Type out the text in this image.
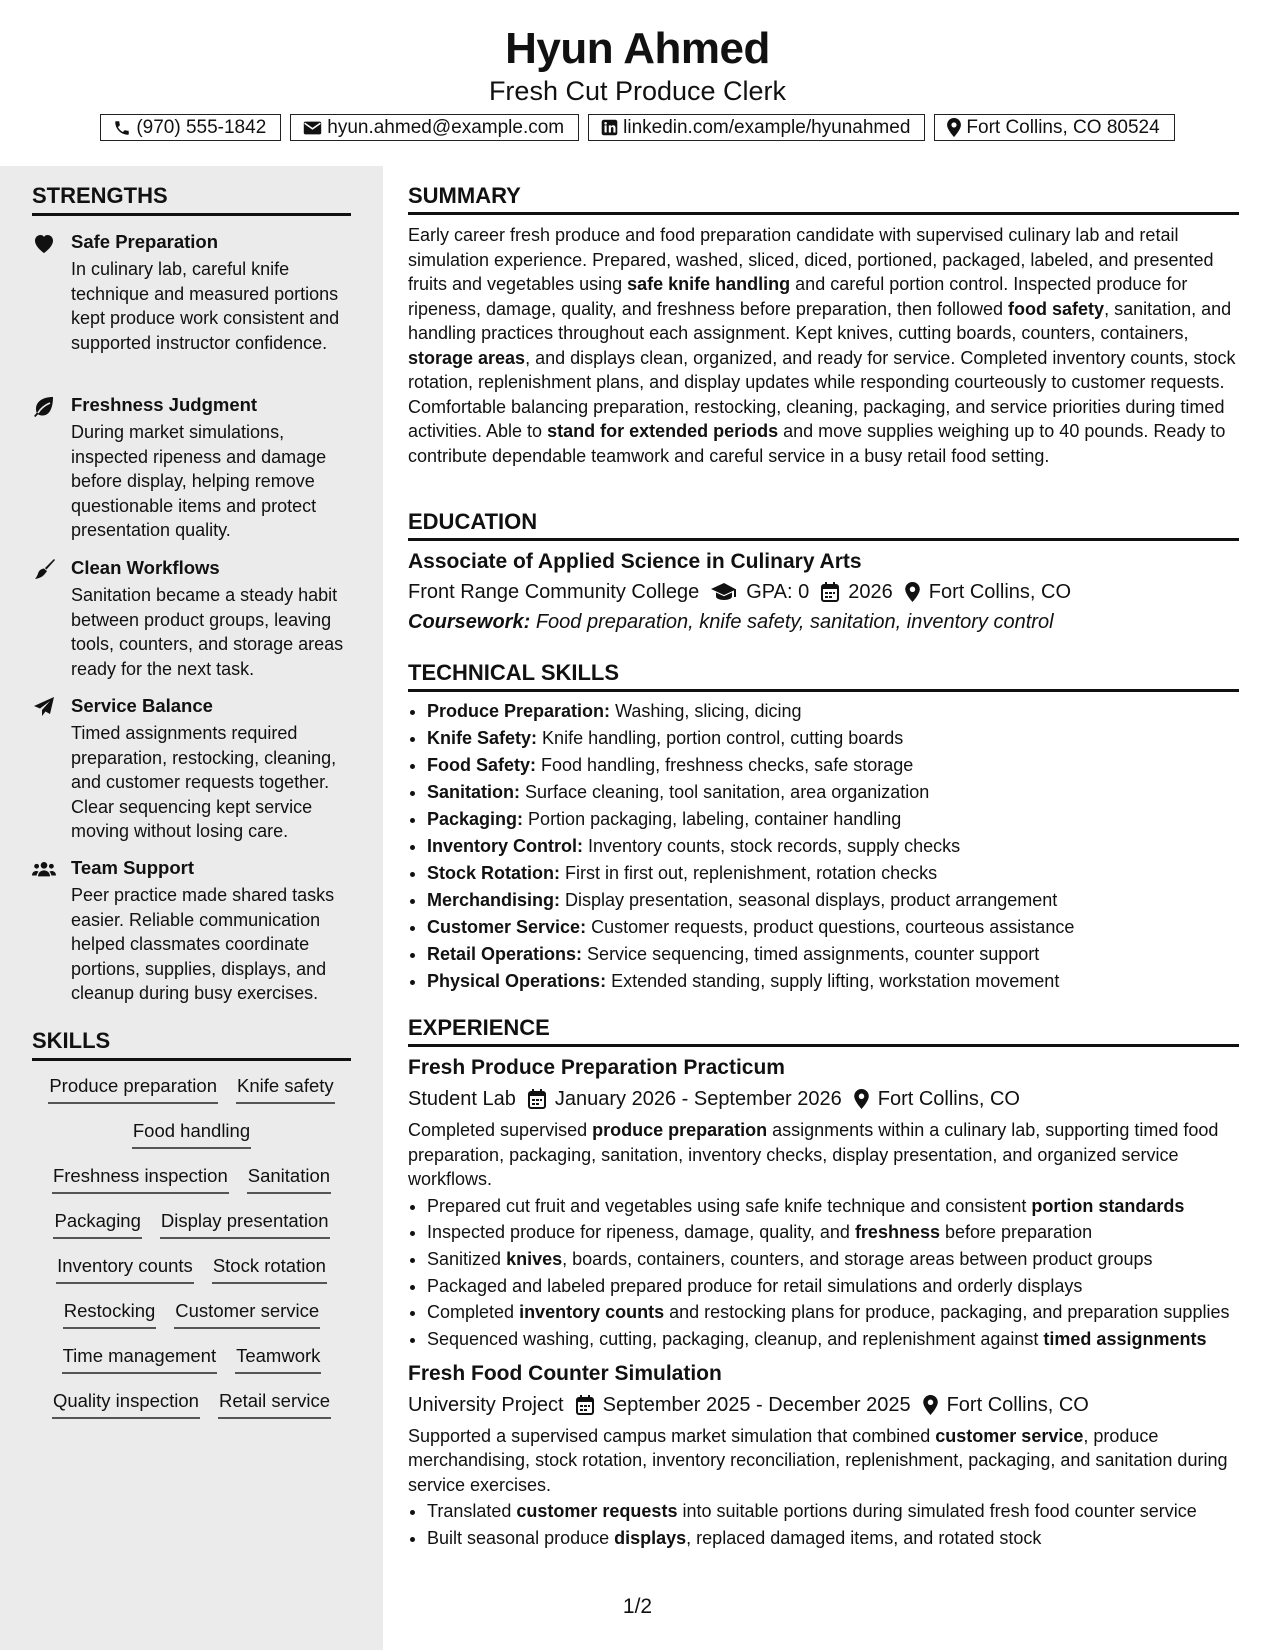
Hyun Ahmed
Fresh Cut Produce Clerk
(970) 555-1842	hyun.ahmed@example.com	linkedin.com/example/hyunahmed	Fort Collins, CO 80524
STRENGTHS
Safe Preparation
In culinary lab, careful knife technique and measured portions kept produce work consistent and supported instructor confidence.
Freshness Judgment
During market simulations, inspected ripeness and damage before display, helping remove questionable items and protect presentation quality.
Clean Workflows
Sanitation became a steady habit between product groups, leaving tools, counters, and storage areas ready for the next task.
Service Balance
Timed assignments required preparation, restocking, cleaning, and customer requests together. Clear sequencing kept service moving without losing care.
Team Support
Peer practice made shared tasks easier. Reliable communication helped classmates coordinate portions, supplies, displays, and cleanup during busy exercises.
SKILLS
Produce preparation Knife safety
Food handling
Freshness inspection Sanitation
Packaging Display presentation
Inventory counts Stock rotation
Restocking Customer service
Time management Teamwork
Quality inspection Retail service
SUMMARY
Early career fresh produce and food preparation candidate with supervised culinary lab and retail simulation experience. Prepared, washed, sliced, diced, portioned, packaged, labeled, and presented fruits and vegetables using safe knife handling and careful portion control. Inspected produce for ripeness, damage, quality, and freshness before preparation, then followed food safety, sanitation, and handling practices throughout each assignment. Kept knives, cutting boards, counters, containers, storage areas, and displays clean, organized, and ready for service. Completed inventory counts, stock rotation, replenishment plans, and display updates while responding courteously to customer requests. Comfortable balancing preparation, restocking, cleaning, packaging, and service priorities during timed activities. Able to stand for extended periods and move supplies weighing up to 40 pounds. Ready to contribute dependable teamwork and careful service in a busy retail food setting.
EDUCATION
Associate of Applied Science in Culinary Arts
Front Range Community College GPA: 0 2026 Fort Collins, CO
Coursework: Food preparation, knife safety, sanitation, inventory control
TECHNICAL SKILLS
• Produce Preparation: Washing, slicing, dicing
• Knife Safety: Knife handling, portion control, cutting boards
• Food Safety: Food handling, freshness checks, safe storage
• Sanitation: Surface cleaning, tool sanitation, area organization
• Packaging: Portion packaging, labeling, container handling
• Inventory Control: Inventory counts, stock records, supply checks
• Stock Rotation: First in first out, replenishment, rotation checks
• Merchandising: Display presentation, seasonal displays, product arrangement
• Customer Service: Customer requests, product questions, courteous assistance
• Retail Operations: Service sequencing, timed assignments, counter support
• Physical Operations: Extended standing, supply lifting, workstation movement
EXPERIENCE
Fresh Produce Preparation Practicum
Student Lab January 2026 - September 2026 Fort Collins, CO
Completed supervised produce preparation assignments within a culinary lab, supporting timed food preparation, packaging, sanitation, inventory checks, display presentation, and organized service workflows.
• Prepared cut fruit and vegetables using safe knife technique and consistent portion standards
• Inspected produce for ripeness, damage, quality, and freshness before preparation
• Sanitized knives, boards, containers, counters, and storage areas between product groups
• Packaged and labeled prepared produce for retail simulations and orderly displays
• Completed inventory counts and restocking plans for produce, packaging, and preparation supplies
• Sequenced washing, cutting, packaging, cleanup, and replenishment against timed assignments
Fresh Food Counter Simulation
University Project September 2025 - December 2025 Fort Collins, CO
Supported a supervised campus market simulation that combined customer service, produce merchandising, stock rotation, inventory reconciliation, replenishment, packaging, and sanitation during service exercises.
• Translated customer requests into suitable portions during simulated fresh food counter service
• Built seasonal produce displays, replaced damaged items, and rotated stock
1/2
